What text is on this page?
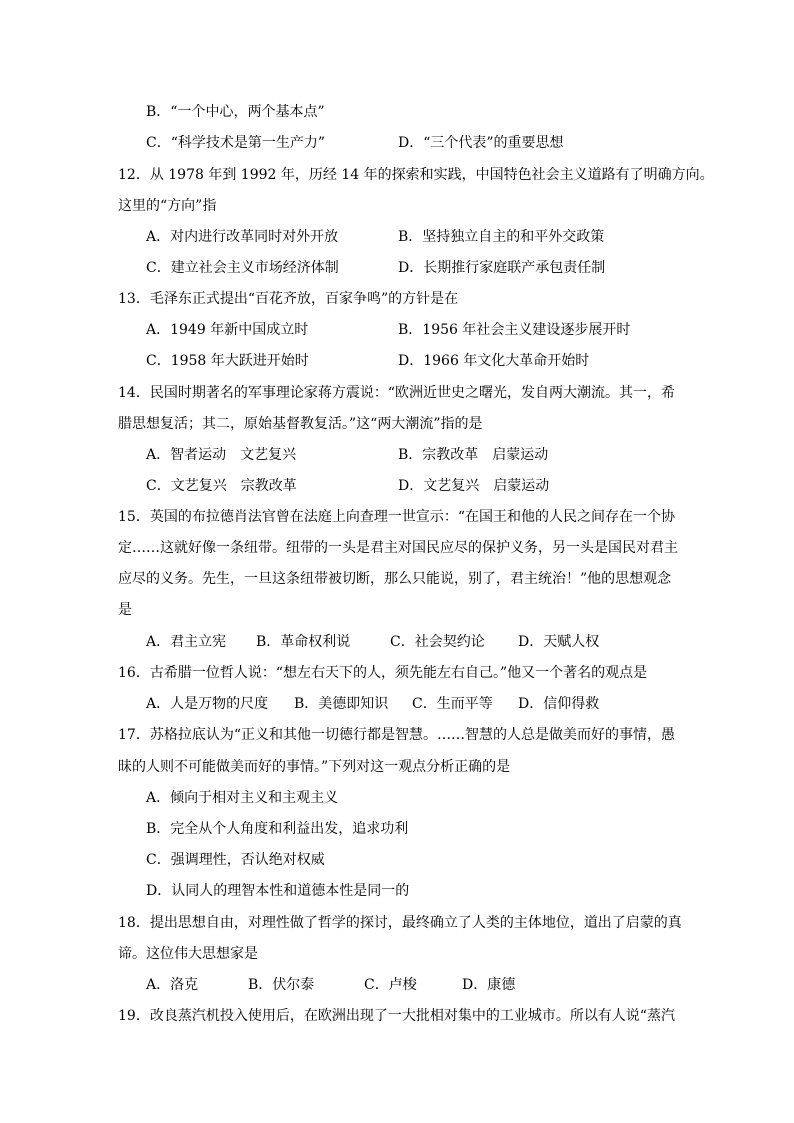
B．“一个中心，两个基本点”
C．“科学技术是第一生产力”	D．“三个代表”的重要思想
12．从 1978 年到 1992 年，历经 14 年的探索和实践，中国特色社会主义道路有了明确方向。
这里的“方向”指
A．对内进行改革同时对外开放	B．坚持独立自主的和平外交政策
C．建立社会主义市场经济体制	D．长期推行家庭联产承包责任制
13．毛泽东正式提出“百花齐放，百家争鸣”的方针是在
A．1949 年新中国成立时	B．1956 年社会主义建设逐步展开时
C．1958 年大跃进开始时	D．1966 年文化大革命开始时
14．民国时期著名的军事理论家蒋方震说：“欧洲近世史之曙光，发自两大潮流。其一，希
腊思想复活；其二，原始基督教复活。”这“两大潮流”指的是
A．智者运动　文艺复兴	B．宗教改革　启蒙运动
C．文艺复兴　宗教改革	D．文艺复兴　启蒙运动
15．英国的布拉德肖法官曾在法庭上向查理一世宣示：“在国王和他的人民之间存在一个协
定……这就好像一条纽带。纽带的一头是君主对国民应尽的保护义务，另一头是国民对君主
应尽的义务。先生，一旦这条纽带被切断，那么只能说，别了，君主统治！”他的思想观念
是
A．君主立宪 B．革命权利说	C．社会契约论 D．天赋人权
16．古希腊一位哲人说：“想左右天下的人，须先能左右自己。”他又一个著名的观点是
A．人是万物的尺度 B．美德即知识 C．生而平等 D．信仰得救
17．苏格拉底认为“正义和其他一切德行都是智慧。……智慧的人总是做美而好的事情，愚
昧的人则不可能做美而好的事情。”下列对这一观点分析正确的是
A．倾向于相对主义和主观主义
B．完全从个人角度和利益出发，追求功利
C．强调理性，否认绝对权威
D．认同人的理智本性和道德本性是同一的
18．提出思想自由，对理性做了哲学的探讨，最终确立了人类的主体地位，道出了启蒙的真
谛。这位伟大思想家是
A．洛克	B．伏尔泰	C．卢梭	D．康德
19．改良蒸汽机投入使用后，在欧洲出现了一大批相对集中的工业城市。所以有人说“蒸汽
